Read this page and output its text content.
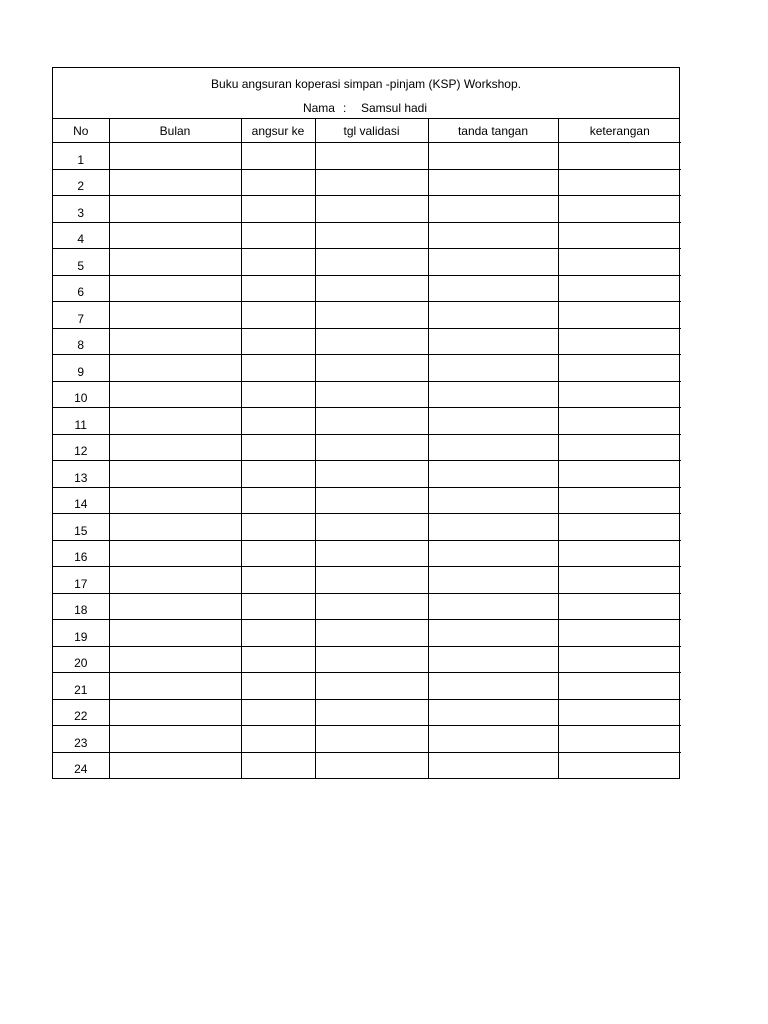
Buku angsuran koperasi simpan -pinjam (KSP) Workshop.
Nama : Samsul hadi
No	Bulan	angsur ke	tgl validasi	tanda tangan	keterangan
1					
2					
3					
4					
5					
6					
7					
8					
9					
10					
11					
12					
13					
14					
15					
16					
17					
18					
19					
20					
21					
22					
23					
24					
